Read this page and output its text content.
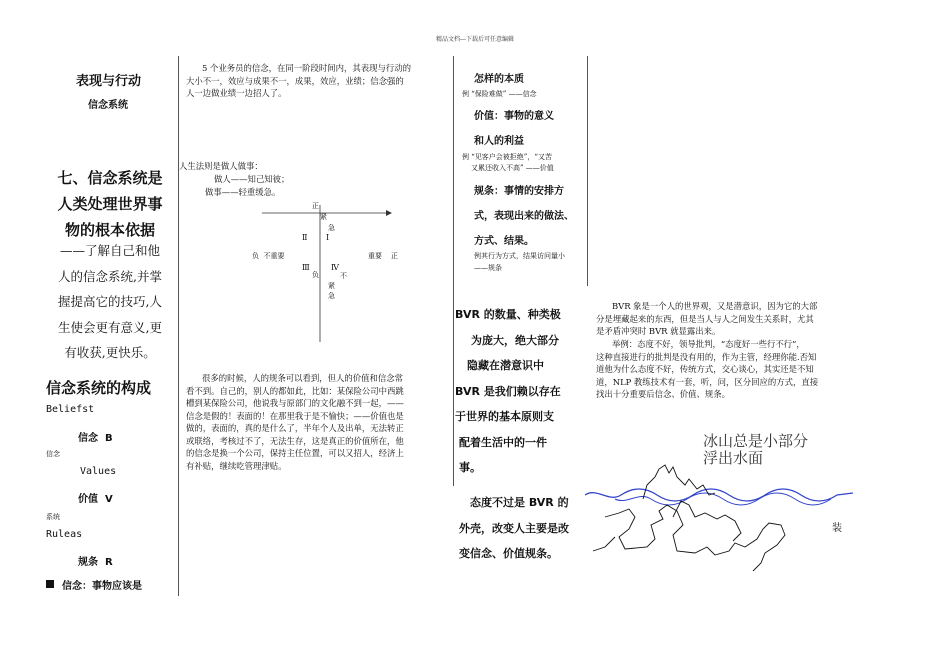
精品文档---下载后可任意编辑
表现与行动
信念系统
七、信念系统是
人类处理世界事
物的根本依据
——了解自己和他
人的信念系统,并掌
握提高它的技巧,人
生使会更有意义,更
有收获,更快乐。
信念系统的构成
Beliefst
信念  B
信念
Values
价值  V
系统
Ruleas
规条  R
信念：事物应该是
5 个业务员的信念，在同一阶段时间内，其表现与行动的
大小不一，效应与成果不一，成果，效应，业绩；信念强的
人一边做业绩一边招人了。
人生法则是做人做事：
做人——知己知彼；
做事——轻重缓急。
正
紧
急
Ⅱ Ⅰ
负  不重要	重要    正
Ⅲ	Ⅳ
负	不
紧
急
很多的时候，人的规条可以看到，但人的价值和信念常
看不到。自己的，别人的都如此，比如：某保险公司中西跳
槽到某保险公司，他说我与原部门的文化融不到一起，——
信念是假的！表面的！在那里我于是不愉快；——价值也是
做的，表面的，真的是什么了，半年个人及出单，无法转正
或联络，考核过不了，无法生存，这是真正的价值所在，他
的信念是换一个公司，保持主任位置，可以又招人，经济上
有补贴，继续吃管理津贴。
怎样的本质
例 “保险难做” ——信念
价值：事物的意义
和人的利益
例 “见客户会被拒绝”，“又苦
又累还收入不高” ——价值
规条：事情的安排方
式，表现出来的做法、
方式、结果。
例其行为方式，结果访问量小
——规条
BVR 的数量、种类极
为庞大，绝大部分
隐藏在潜意识中
BVR 是我们赖以存在
于世界的基本原则支
配着生活中的一件
事。
态度不过是 BVR 的
外壳，改变人主要是改
变信念、价值规条。
BVR 象是一个人的世界观，又是潜意识，因为它的大部
分是埋藏起来的东西，但是当人与人之间发生关系时，尤其
是矛盾冲突时 BVR 就显露出来。
举例：态度不好，领导批判，“态度好一些行不行”，
这种直接进行的批判是没有用的，作为主管，经理你能.否知
道他为什么态度不好，传统方式，交心谈心，其实还是不知
道，NLP 教练技术有一套，听，问，区分回应的方式，直接
找出十分重要后信念、价值、规条。
冰山总是小部分
浮出水面
装
